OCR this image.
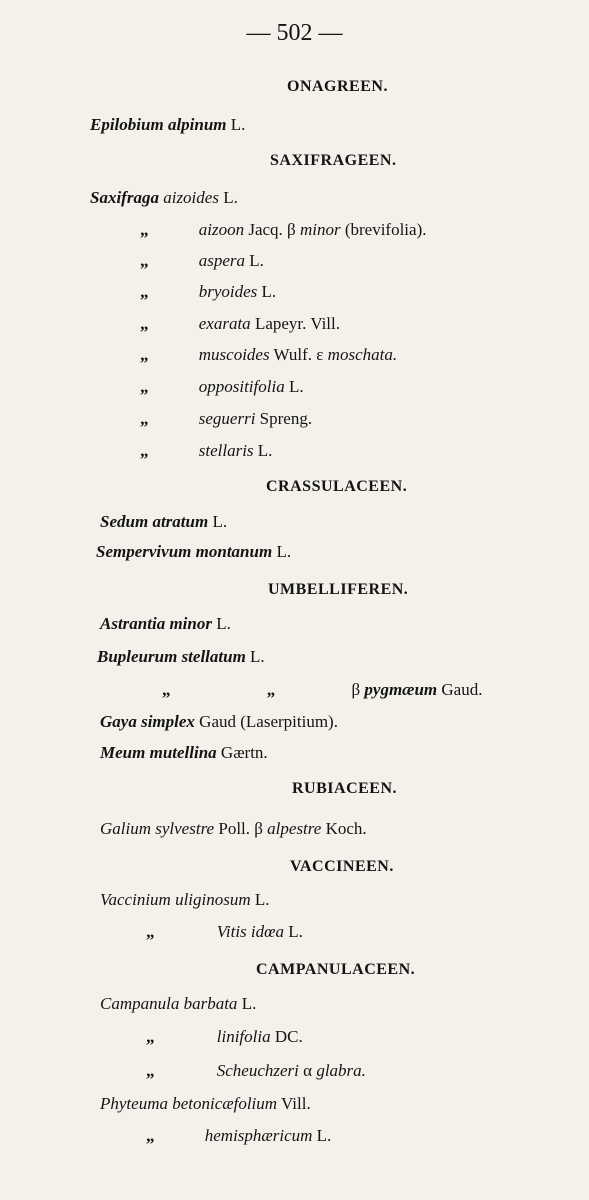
— 502 —
ONAGREEN.
Epilobium alpinum L.
SAXIFRAGEEN.
Saxifraga aizoides L.
„	aizoon Jacq. β minor (brevifolia).
„	aspera L.
„	bryoides L.
„	exarata Lapeyr. Vill.
„	muscoides Wulf. ε moschata.
„	oppositifolia L.
„	seguerri Spreng.
„	stellaris L.
CRASSULACEEN.
Sedum atratum L.
Sempervivum montanum L.
UMBELLIFEREN.
Astrantia minor L.
Bupleurum stellatum L.
„	„	β pygmæum Gaud.
Gaya simplex Gaud (Laserpitium).
Meum mutellina Gærtn.
RUBIACEEN.
Galium sylvestre Poll. β alpestre Koch.
VACCINEEN.
Vaccinium uliginosum L.
„	Vitis idœa L.
CAMPANULACEEN.
Campanula barbata L.
„	linifolia DC.
„	Scheuchzeri α glabra.
Phyteuma betonicæfolium Vill.
„	hemisphæricum L.
